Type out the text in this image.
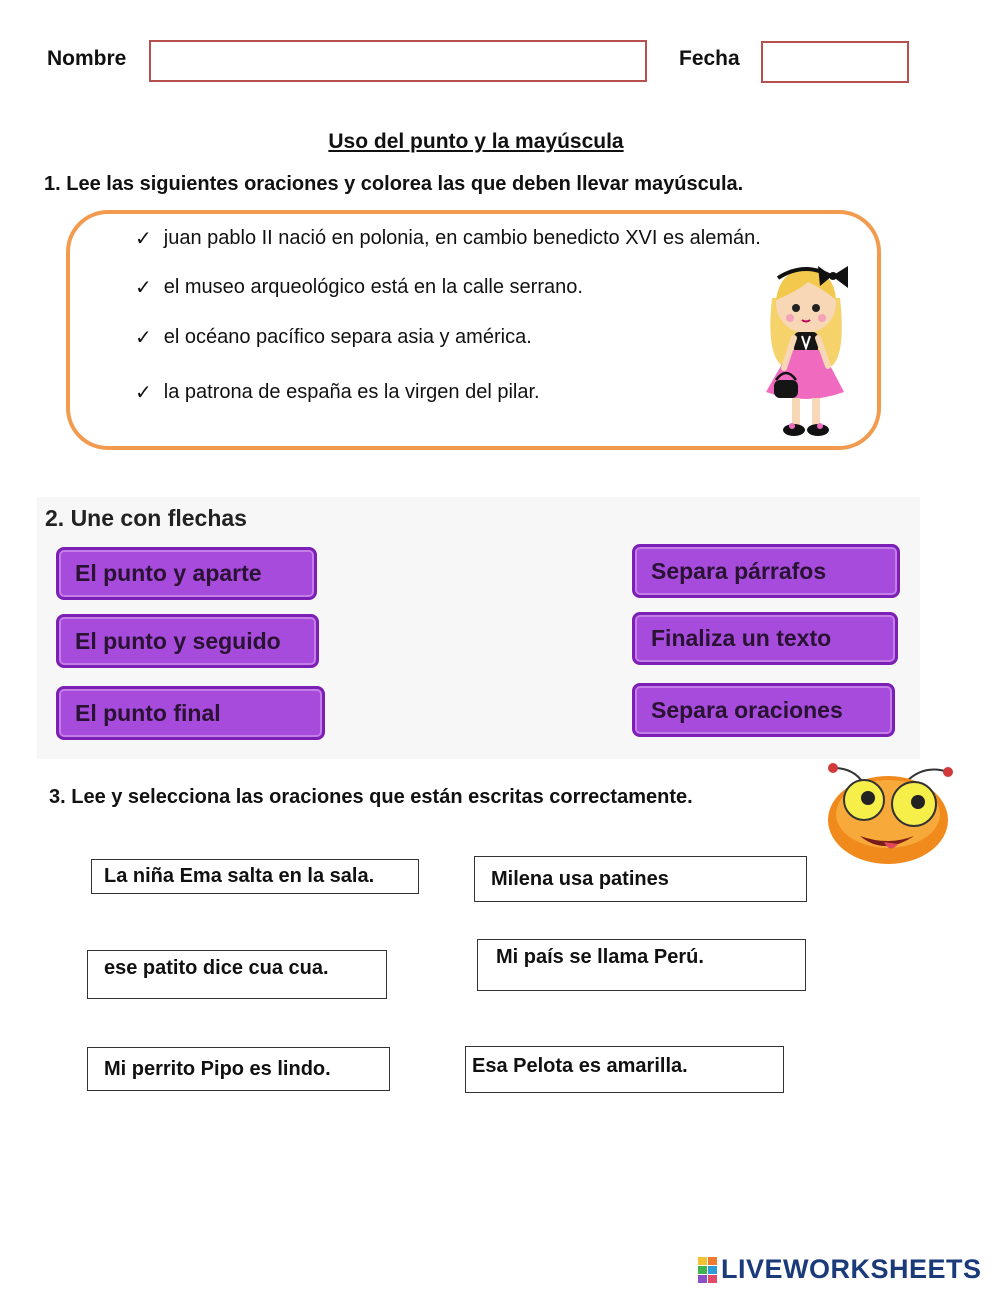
Nombre	Fecha
Uso del punto y la mayúscula
1. Lee las siguientes oraciones y colorea las que deben llevar mayúscula.
✓ juan pablo II nació en polonia, en cambio benedicto XVI es alemán.
✓ el museo arqueológico está en la calle serrano.
✓ el océano pacífico separa asia y américa.
✓ la patrona de españa es la virgen del pilar.
2. Une con flechas
El punto y aparte
El punto y seguido
El punto final
Separa párrafos
Finaliza un texto
Separa oraciones
3. Lee y selecciona las oraciones que están escritas correctamente.
La niña Ema salta en la sala.	Milena usa patines
ese patito dice cua cua.	Mi país se llama Perú.
Mi perrito Pipo es lindo.	Esa Pelota es amarilla.
LIVEWORKSHEETS
